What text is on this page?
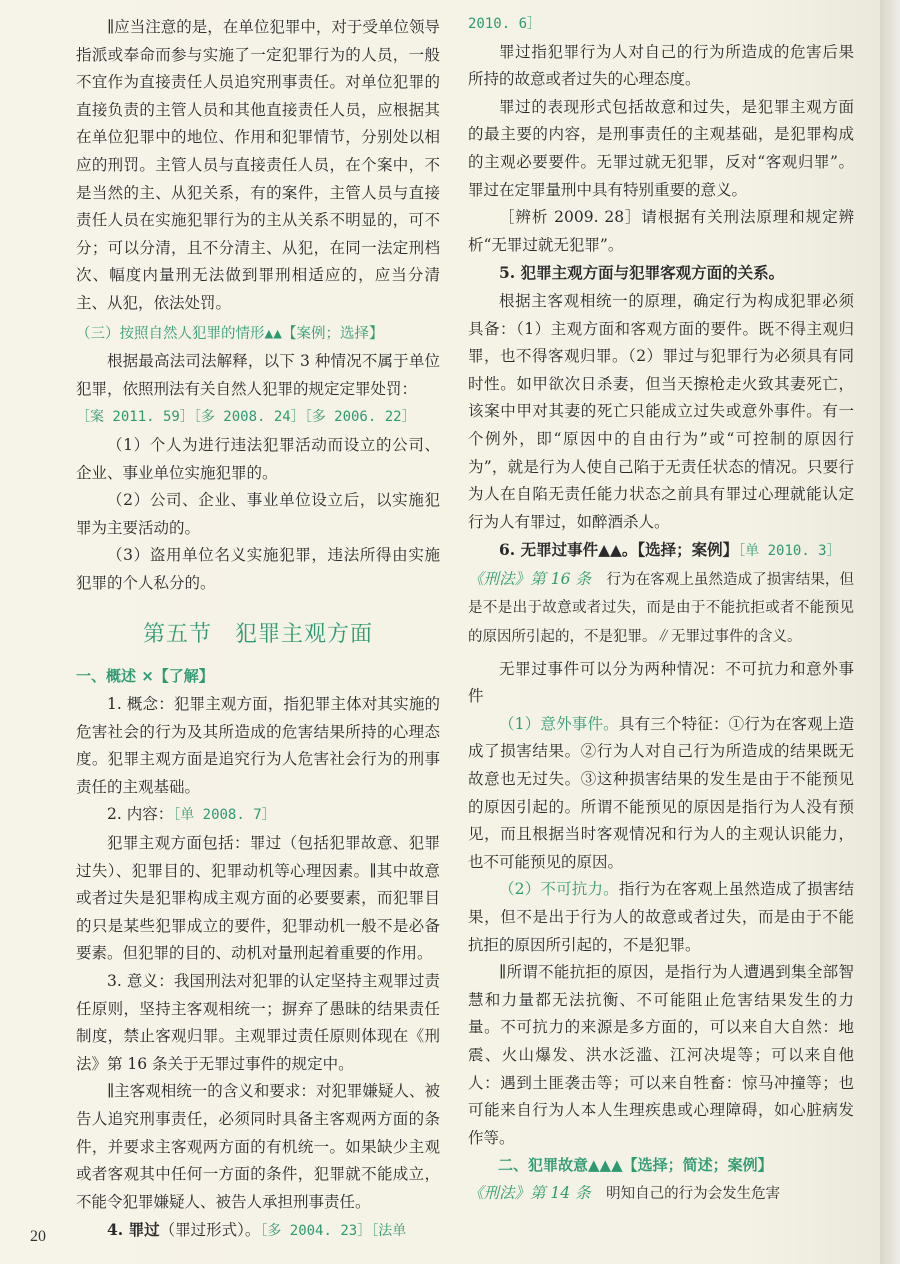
∥应当注意的是，在单位犯罪中，对于受单位领导指派或奉命而参与实施了一定犯罪行为的人员，一般不宜作为直接责任人员追究刑事责任。对单位犯罪的直接负责的主管人员和其他直接责任人员，应根据其在单位犯罪中的地位、作用和犯罪情节，分别处以相应的刑罚。主管人员与直接责任人员，在个案中，不是当然的主、从犯关系，有的案件，主管人员与直接责任人员在实施犯罪行为的主从关系不明显的，可不分；可以分清，且不分清主、从犯，在同一法定刑档次、幅度内量刑无法做到罪刑相适应的，应当分清主、从犯，依法处罚。

（三）按照自然人犯罪的情形▲▲【案例；选择】

根据最高法司法解释，以下 3 种情况不属于单位犯罪，依照刑法有关自然人犯罪的规定定罪处罚：

［案 2011. 59］［多 2008. 24］［多 2006. 22］

（1）个人为进行违法犯罪活动而设立的公司、企业、事业单位实施犯罪的。

（2）公司、企业、事业单位设立后，以实施犯罪为主要活动的。

（3）盗用单位名义实施犯罪，违法所得由实施犯罪的个人私分的。

第五节　犯罪主观方面

一、概述 ×【了解】

1. 概念：犯罪主观方面，指犯罪主体对其实施的危害社会的行为及其所造成的危害结果所持的心理态度。犯罪主观方面是追究行为人危害社会行为的刑事责任的主观基础。

2. 内容：［单 2008. 7］

犯罪主观方面包括：罪过（包括犯罪故意、犯罪过失）、犯罪目的、犯罪动机等心理因素。∥其中故意或者过失是犯罪构成主观方面的必要要素，而犯罪目的只是某些犯罪成立的要件，犯罪动机一般不是必备要素。但犯罪的目的、动机对量刑起着重要的作用。

3. 意义：我国刑法对犯罪的认定坚持主观罪过责任原则，坚持主客观相统一；摒弃了愚昧的结果责任制度，禁止客观归罪。主观罪过责任原则体现在《刑法》第 16 条关于无罪过事件的规定中。

∥主客观相统一的含义和要求：对犯罪嫌疑人、被告人追究刑事责任，必须同时具备主客观两方面的条件，并要求主客观两方面的有机统一。如果缺少主观或者客观其中任何一方面的条件，犯罪就不能成立，不能令犯罪嫌疑人、被告人承担刑事责任。

4. 罪过（罪过形式）。［多 2004. 23］［法单

2010. 6］

罪过指犯罪行为人对自己的行为所造成的危害后果所持的故意或者过失的心理态度。

罪过的表现形式包括故意和过失，是犯罪主观方面的最主要的内容，是刑事责任的主观基础，是犯罪构成的主观必要要件。无罪过就无犯罪，反对“客观归罪”。罪过在定罪量刑中具有特别重要的意义。

［辨析 2009. 28］请根据有关刑法原理和规定辨析“无罪过就无犯罪”。

5. 犯罪主观方面与犯罪客观方面的关系。

根据主客观相统一的原理，确定行为构成犯罪必须具备：（1）主观方面和客观方面的要件。既不得主观归罪，也不得客观归罪。（2）罪过与犯罪行为必须具有同时性。如甲欲次日杀妻，但当天擦枪走火致其妻死亡，该案中甲对其妻的死亡只能成立过失或意外事件。有一个例外，即“原因中的自由行为”或“可控制的原因行为”，就是行为人使自己陷于无责任状态的情况。只要行为人在自陷无责任能力状态之前具有罪过心理就能认定行为人有罪过，如醉酒杀人。

6. 无罪过事件▲▲。【选择；案例】［单 2010. 3］

《刑法》第 16 条　 行为在客观上虽然造成了损害结果，但是不是出于故意或者过失，而是由于不能抗拒或者不能预见的原因所引起的，不是犯罪。∥无罪过事件的含义。

无罪过事件可以分为两种情况：不可抗力和意外事件

（1）意外事件。具有三个特征：①行为在客观上造成了损害结果。②行为人对自己行为所造成的结果既无故意也无过失。③这种损害结果的发生是由于不能预见的原因引起的。所谓不能预见的原因是指行为人没有预见，而且根据当时客观情况和行为人的主观认识能力，也不可能预见的原因。

（2）不可抗力。指行为在客观上虽然造成了损害结果，但不是出于行为人的故意或者过失，而是由于不能抗拒的原因所引起的，不是犯罪。

∥所谓不能抗拒的原因，是指行为人遭遇到集全部智慧和力量都无法抗衡、不可能阻止危害结果发生的力量。不可抗力的来源是多方面的，可以来自大自然：地震、火山爆发、洪水泛滥、江河决堤等；可以来自他人：遇到土匪袭击等；可以来自牲畜：惊马冲撞等；也可能来自行为人本人生理疾患或心理障碍，如心脏病发作等。

二、犯罪故意▲▲▲【选择；简述；案例】

《刑法》第 14 条　 明知自己的行为会发生危害

20
